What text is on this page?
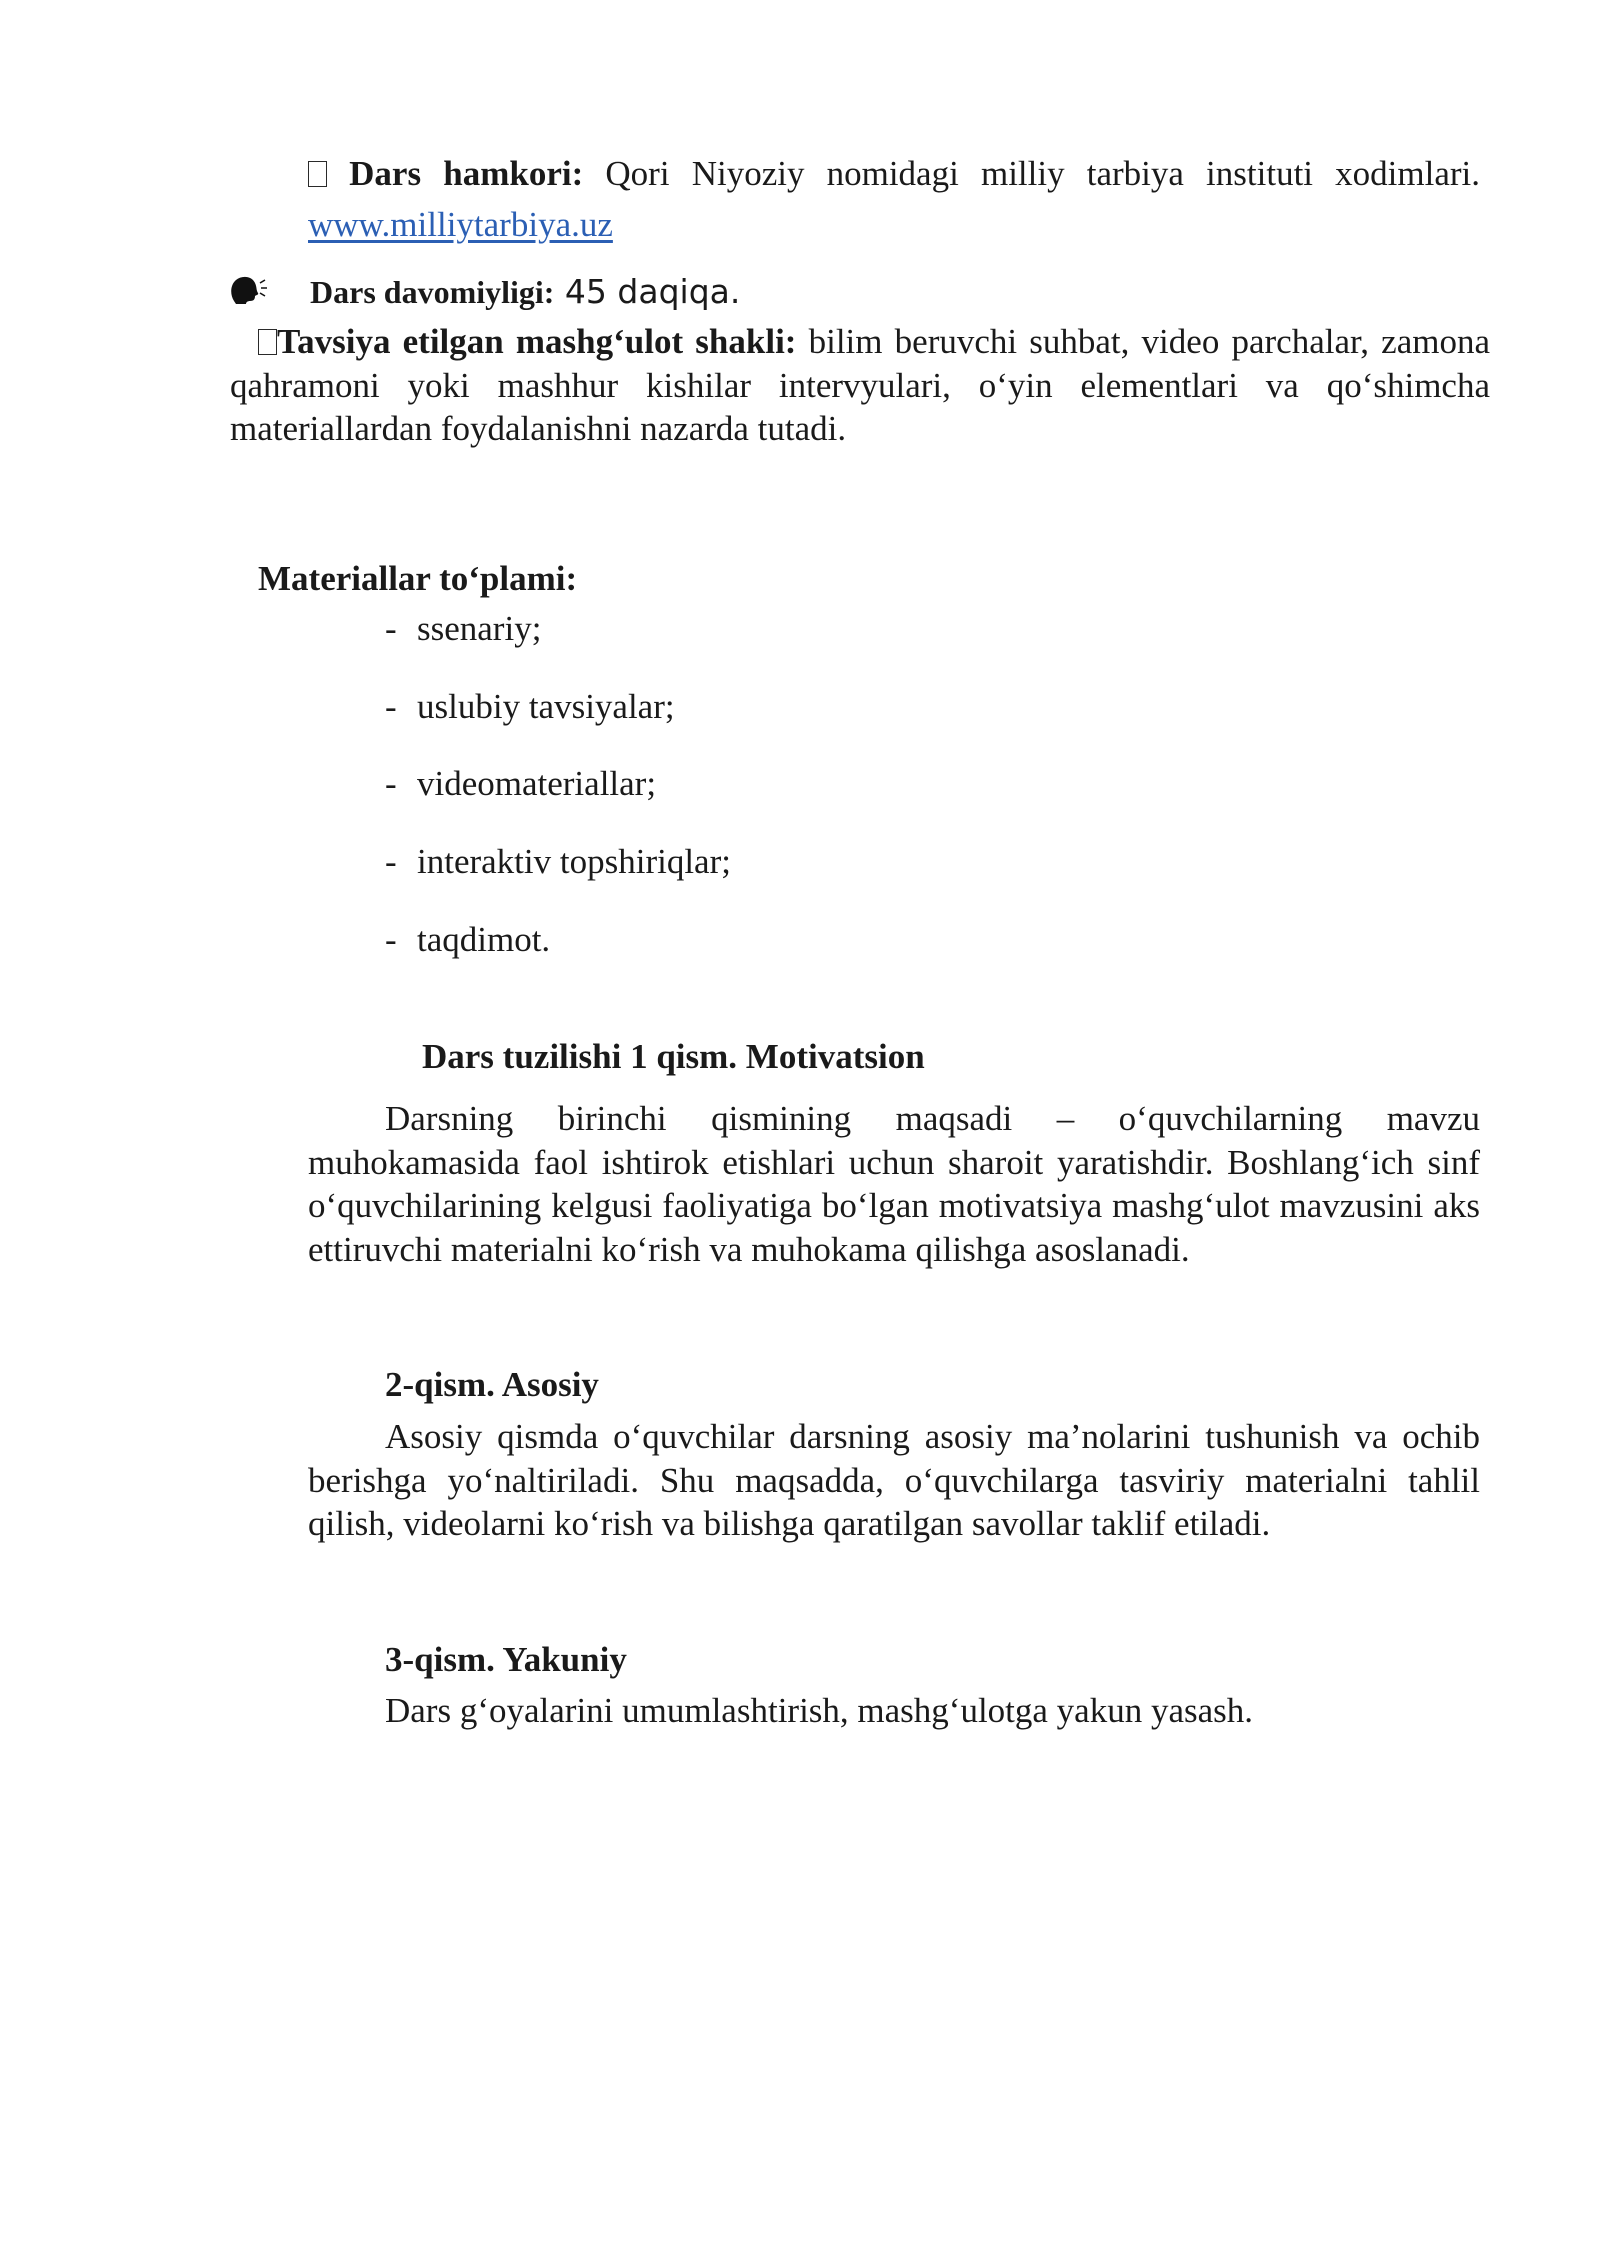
Dars hamkori: Qori Niyoziy nomidagi milliy tarbiya instituti xodimlari.
www.milliytarbiya.uz
Dars davomiyligi: 45 daqiqa.
Tavsiya etilgan mashg‘ulot shakli: bilim beruvchi suhbat, video parchalar, zamona qahramoni yoki mashhur kishilar intervyulari, o‘yin elementlari va qo‘shimcha materiallardan foydalanishni nazarda tutadi.
Materiallar to‘plami:
- ssenariy;
- uslubiy tavsiyalar;
- videomateriallar;
- interaktiv topshiriqlar;
- taqdimot.
Dars tuzilishi 1 qism. Motivatsion
Darsning birinchi qismining maqsadi – o‘quvchilarning mavzu muhokamasida faol ishtirok etishlari uchun sharoit yaratishdir. Boshlang‘ich sinf o‘quvchilarining kelgusi faoliyatiga bo‘lgan motivatsiya mashg‘ulot mavzusini aks ettiruvchi materialni ko‘rish va muhokama qilishga asoslanadi.
2-qism. Asosiy
Asosiy qismda o‘quvchilar darsning asosiy ma’nolarini tushunish va ochib berishga yo‘naltiriladi. Shu maqsadda, o‘quvchilarga tasviriy materialni tahlil qilish, videolarni ko‘rish va bilishga qaratilgan savollar taklif etiladi.
3-qism. Yakuniy
Dars g‘oyalarini umumlashtirish, mashg‘ulotga yakun yasash.
